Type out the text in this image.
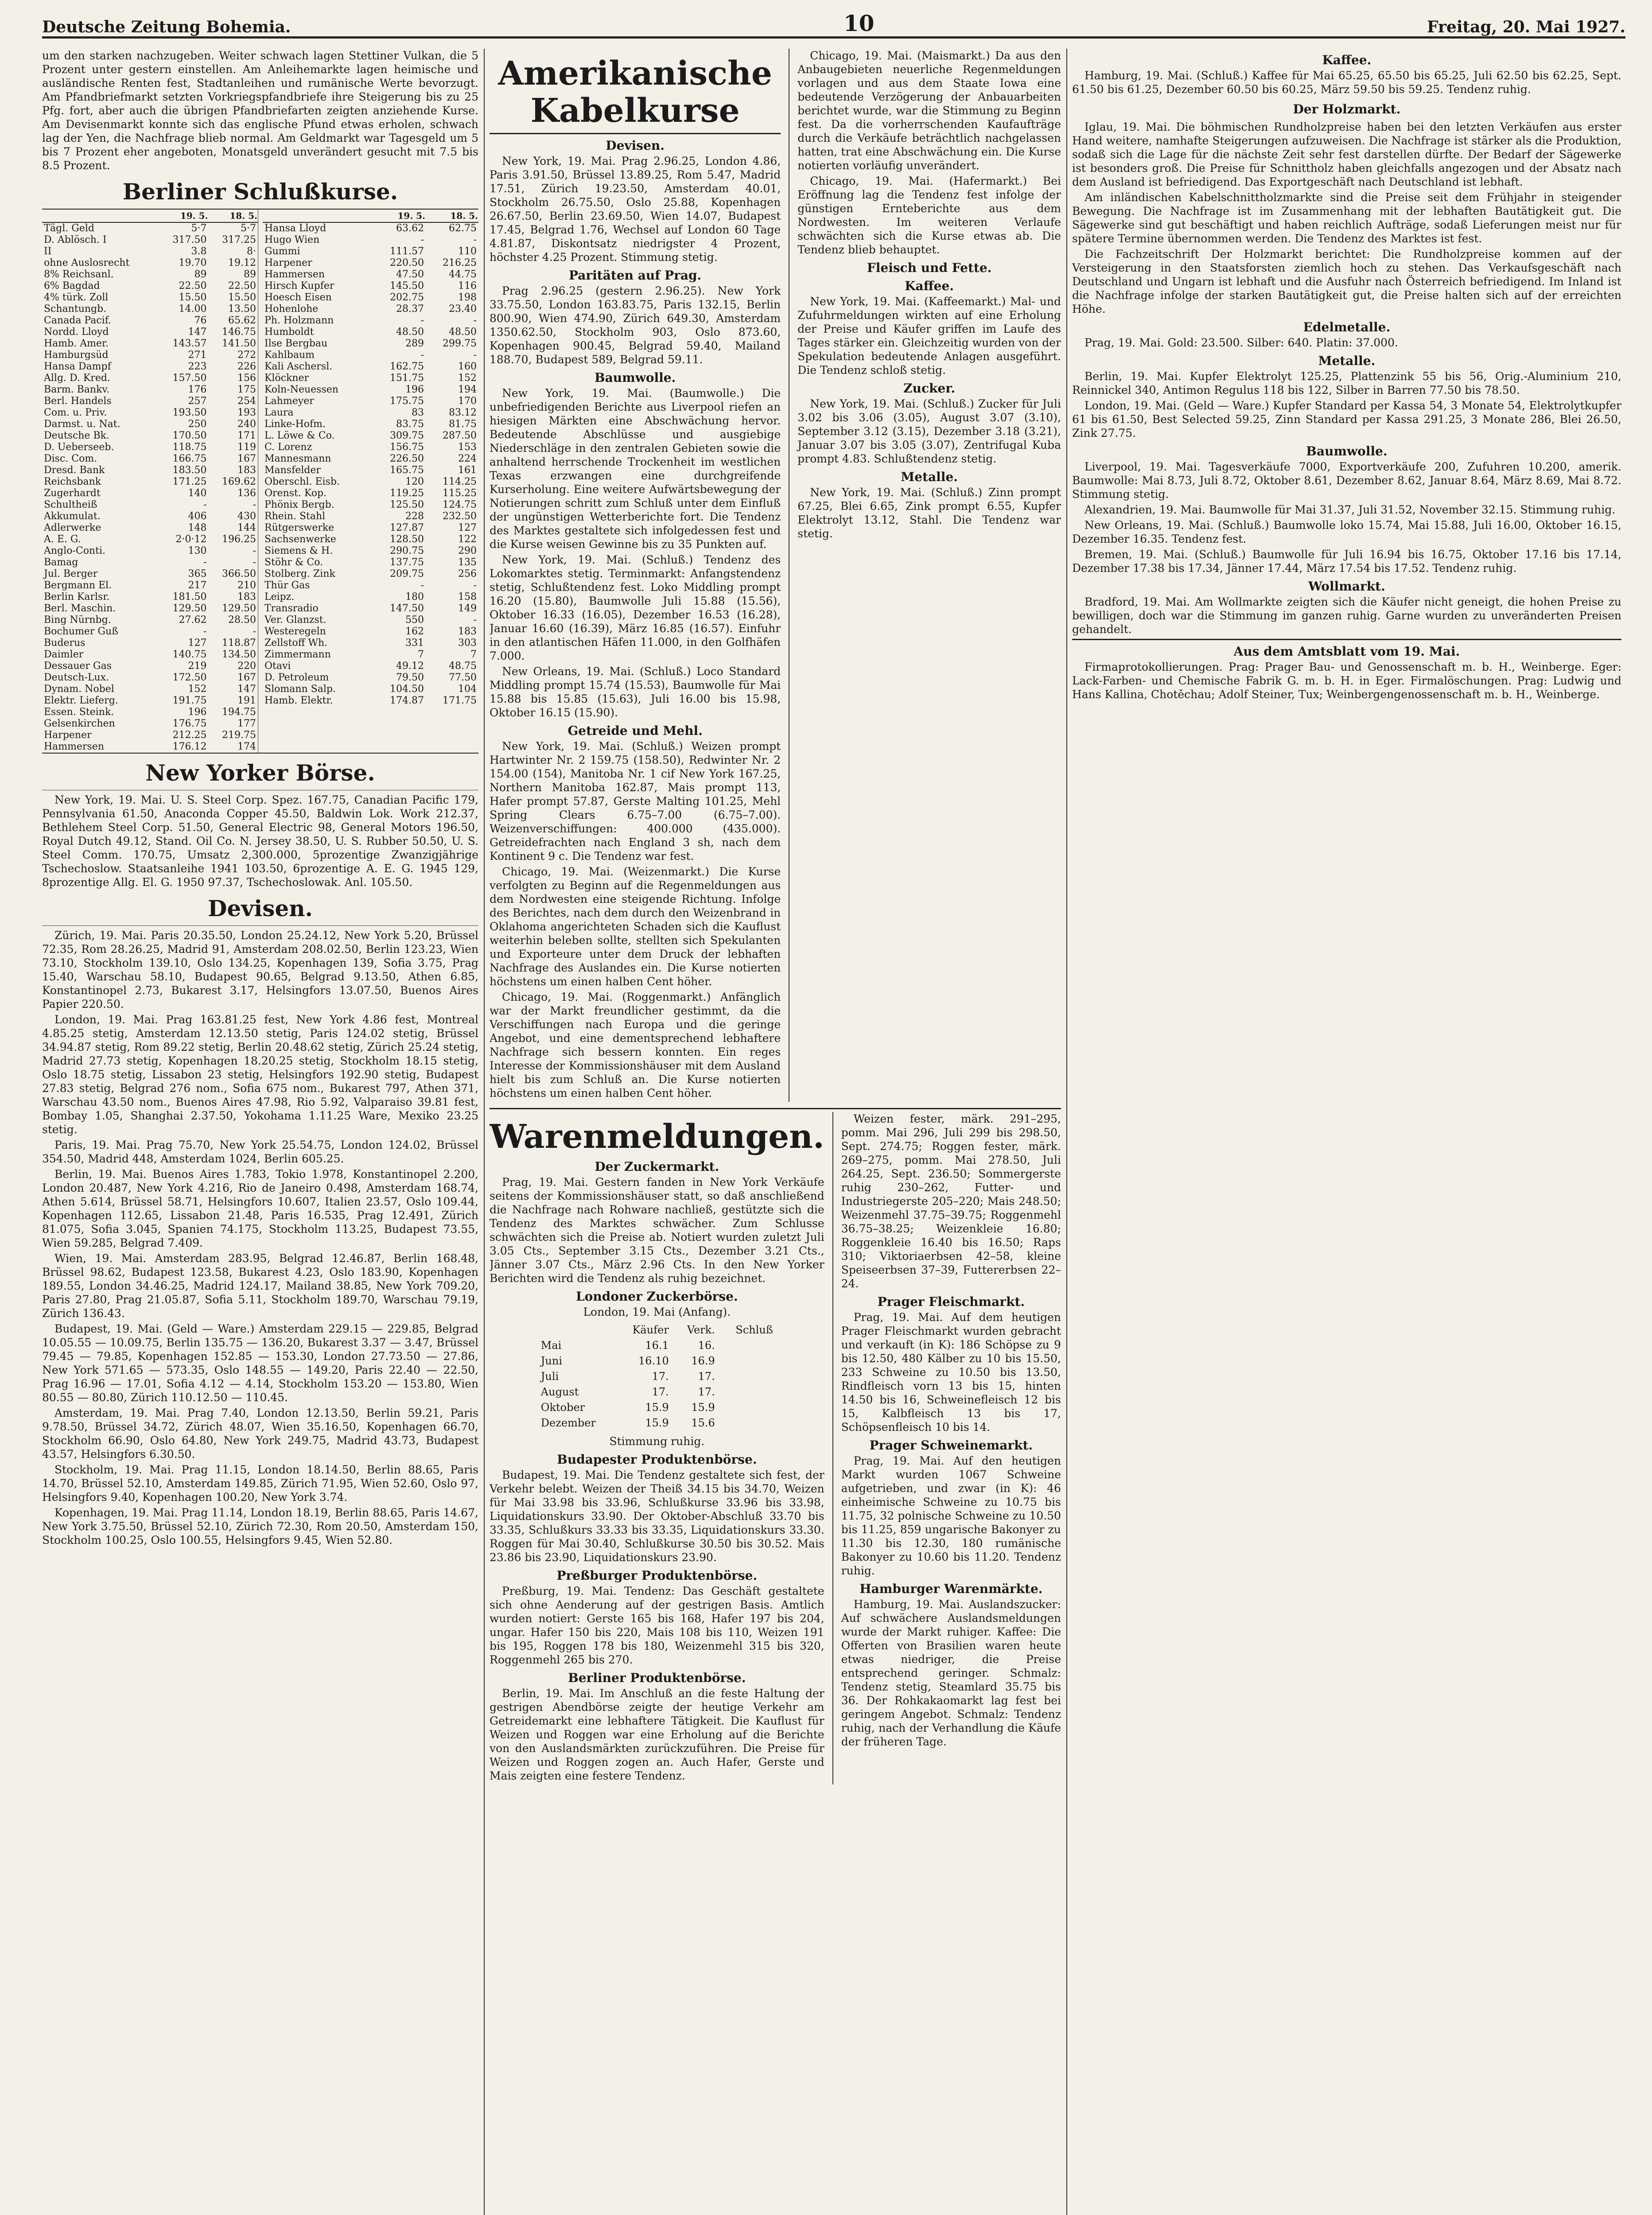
Deutsche Zeitung Bohemia.	10	Freitag, 20. Mai 1927.

um den starken nachzugeben. Weiter schwach lagen Stettiner Vulkan, die 5 Prozent unter gestern einstellen. Am Anleihemarkte lagen heimische und ausländische Renten fest, Stadtanleihen und rumänische Werte bevorzugt. Am Pfandbriefmarkt setzten Vorkriegspfandbriefe ihre Steigerung bis zu 25 Pfg. fort, aber auch die übrigen Pfandbriefarten zeigten anziehende Kurse. Am Devisenmarkt konnte sich das englische Pfund etwas erholen, schwach lag der Yen, die Nachfrage blieb normal. Am Geldmarkt war Tagesgeld um 5 bis 7 Prozent eher angeboten, Monatsgeld unverändert gesucht mit 7.5 bis 8.5 Prozent.

Berliner Schlußkurse.
	19. 5.	18. 5.
Tägl. Geld	5·7	5·7
D. Ablösch. I	317.50	317.25
II	3.8	8·
ohne Auslosrecht	19.70	19.12
8% Reichsanl.	89	89
6% Bagdad	22.50	22.50
4% türk. Zoll	15.50	15.50
Schantungb.	14.00	13.50
Canada Pacif.	76	65.62
Nordd. Lloyd	147	146.75
Hamb. Amer.	143.57	141.50
Hamburgsüd	271	272
Hansa Dampf	223	226
Allg. D. Kred.	157.50	156
Barm. Bankv.	176	175
Berl. Handels	257	254
Com. u. Priv.	193.50	193
Darmst. u. Nat.	250	240
Deutsche Bk.	170.50	171
D. Ueberseeb.	118.75	119
Disc. Com.	166.75	167
Dresd. Bank	183.50	183
Reichsbank	171.25	169.62
Zugerhardt	140	136
Schultheiß	-	-
Akkumulat.	406	430
Adlerwerke	148	144
A. E. G.	2·0·12	196.25
Anglo-Conti.	130	-
Bamag	-	-
Jul. Berger	365	366.50
Bergmann El.	217	210
Berlin Karlsr.	181.50	183
Berl. Maschin.	129.50	129.50
Bing Nürnbg.	27.62	28.50
Bochumer Guß	-	-
Buderus	127	118.87
Daimler	140.75	134.50
Dessauer Gas	219	220
Deutsch-Lux.	172.50	167
Dynam. Nobel	152	147
Elektr. Lieferg.	191.75	191
Essen. Steink.	196	194.75
Gelsenkirchen	176.75	177
Harpener	212.25	219.75
Hammersen	176.12	174
	19. 5.	18. 5.
Hansa Lloyd	63.62	62.75
Hugo Wien	-	-
Gummi	111.57	110
Harpener	220.50	216.25
Hammersen	47.50	44.75
Hirsch Kupfer	145.50	116
Hoesch Eisen	202.75	198
Hohenlohe	28.37	23.40
Ph. Holzmann	-	-
Humboldt	48.50	48.50
Ilse Bergbau	289	299.75
Kahlbaum	-	-
Kali Aschersl.	162.75	160
Klöckner	151.75	152
Koln-Neuessen	196	194
Lahmeyer	175.75	170
Laura	83	83.12
Linke-Hofm.	83.75	81.75
L. Löwe & Co.	309.75	287.50
C. Lorenz	156.75	153
Mannesmann	226.50	224
Mansfelder	165.75	161
Oberschl. Eisb.	120	114.25
Orenst. Kop.	119.25	115.25
Phönix Bergb.	125.50	124.75
Rhein. Stahl	228	232.50
Rütgerswerke	127.87	127
Sachsenwerke	128.50	122
Siemens & H.	290.75	290
Stöhr & Co.	137.75	135
Stolberg. Zink	209.75	256
Thür Gas	-	-
Leipz.	180	158
Transradio	147.50	149
Ver. Glanzst.	550	-
Westeregeln	162	183
Zellstoff Wh.	331	303
Zimmermann	7	7
Otavi	49.12	48.75
D. Petroleum	79.50	77.50
Slomann Salp.	104.50	104
Hamb. Elektr.	174.87	171.75
New Yorker Börse.

New York, 19. Mai. U. S. Steel Corp. Spez. 167.75, Canadian Pacific 179, Pennsylvania 61.50, Anaconda Copper 45.50, Baldwin Lok. Work 212.37, Bethlehem Steel Corp. 51.50, General Electric 98, General Motors 196.50, Royal Dutch 49.12, Stand. Oil Co. N. Jersey 38.50, U. S. Rubber 50.50, U. S. Steel Comm. 170.75, Umsatz 2,300.000, 5prozentige Zwanzigjährige Tschechoslow. Staatsanleihe 1941 103.50, 6prozentige A. E. G. 1945 129, 8prozentige Allg. El. G. 1950 97.37, Tschechoslowak. Anl. 105.50.

Devisen.

Zürich, 19. Mai. Paris 20.35.50, London 25.24.12, New York 5.20, Brüssel 72.35, Rom 28.26.25, Madrid 91, Amsterdam 208.02.50, Berlin 123.23, Wien 73.10, Stockholm 139.10, Oslo 134.25, Kopenhagen 139, Sofia 3.75, Prag 15.40, Warschau 58.10, Budapest 90.65, Belgrad 9.13.50, Athen 6.85, Konstantinopel 2.73, Bukarest 3.17, Helsingfors 13.07.50, Buenos Aires Papier 220.50.

London, 19. Mai. Prag 163.81.25 fest, New York 4.86 fest, Montreal 4.85.25 stetig, Amsterdam 12.13.50 stetig, Paris 124.02 stetig, Brüssel 34.94.87 stetig, Rom 89.22 stetig, Berlin 20.48.62 stetig, Zürich 25.24 stetig, Madrid 27.73 stetig, Kopenhagen 18.20.25 stetig, Stockholm 18.15 stetig, Oslo 18.75 stetig, Lissabon 23 stetig, Helsingfors 192.90 stetig, Budapest 27.83 stetig, Belgrad 276 nom., Sofia 675 nom., Bukarest 797, Athen 371, Warschau 43.50 nom., Buenos Aires 47.98, Rio 5.92, Valparaiso 39.81 fest, Bombay 1.05, Shanghai 2.37.50, Yokohama 1.11.25 Ware, Mexiko 23.25 stetig.

Paris, 19. Mai. Prag 75.70, New York 25.54.75, London 124.02, Brüssel 354.50, Madrid 448, Amsterdam 1024, Berlin 605.25.

Berlin, 19. Mai. Buenos Aires 1.783, Tokio 1.978, Konstantinopel 2.200, London 20.487, New York 4.216, Rio de Janeiro 0.498, Amsterdam 168.74, Athen 5.614, Brüssel 58.71, Helsingfors 10.607, Italien 23.57, Oslo 109.44, Kopenhagen 112.65, Lissabon 21.48, Paris 16.535, Prag 12.491, Zürich 81.075, Sofia 3.045, Spanien 74.175, Stockholm 113.25, Budapest 73.55, Wien 59.285, Belgrad 7.409.

Wien, 19. Mai. Amsterdam 283.95, Belgrad 12.46.87, Berlin 168.48, Brüssel 98.62, Budapest 123.58, Bukarest 4.23, Oslo 183.90, Kopenhagen 189.55, London 34.46.25, Madrid 124.17, Mailand 38.85, New York 709.20, Paris 27.80, Prag 21.05.87, Sofia 5.11, Stockholm 189.70, Warschau 79.19, Zürich 136.43.

Budapest, 19. Mai. (Geld — Ware.) Amsterdam 229.15 — 229.85, Belgrad 10.05.55 — 10.09.75, Berlin 135.75 — 136.20, Bukarest 3.37 — 3.47, Brüssel 79.45 — 79.85, Kopenhagen 152.85 — 153.30, London 27.73.50 — 27.86, New York 571.65 — 573.35, Oslo 148.55 — 149.20, Paris 22.40 — 22.50, Prag 16.96 — 17.01, Sofia 4.12 — 4.14, Stockholm 153.20 — 153.80, Wien 80.55 — 80.80, Zürich 110.12.50 — 110.45.

Amsterdam, 19. Mai. Prag 7.40, London 12.13.50, Berlin 59.21, Paris 9.78.50, Brüssel 34.72, Zürich 48.07, Wien 35.16.50, Kopenhagen 66.70, Stockholm 66.90, Oslo 64.80, New York 249.75, Madrid 43.73, Budapest 43.57, Helsingfors 6.30.50.

Stockholm, 19. Mai. Prag 11.15, London 18.14.50, Berlin 88.65, Paris 14.70, Brüssel 52.10, Amsterdam 149.85, Zürich 71.95, Wien 52.60, Oslo 97, Helsingfors 9.40, Kopenhagen 100.20, New York 3.74.

Kopenhagen, 19. Mai. Prag 11.14, London 18.19, Berlin 88.65, Paris 14.67, New York 3.75.50, Brüssel 52.10, Zürich 72.30, Rom 20.50, Amsterdam 150, Stockholm 100.25, Oslo 100.55, Helsingfors 9.45, Wien 52.80.

Amerikanische Kabelkurse
Devisen.

New York, 19. Mai. Prag 2.96.25, London 4.86, Paris 3.91.50, Brüssel 13.89.25, Rom 5.47, Madrid 17.51, Zürich 19.23.50, Amsterdam 40.01, Stockholm 26.75.50, Oslo 25.88, Kopenhagen 26.67.50, Berlin 23.69.50, Wien 14.07, Budapest 17.45, Belgrad 1.76, Wechsel auf London 60 Tage 4.81.87, Diskontsatz niedrigster 4 Prozent, höchster 4.25 Prozent. Stimmung stetig.

Paritäten auf Prag.

Prag 2.96.25 (gestern 2.96.25). New York 33.75.50, London 163.83.75, Paris 132.15, Berlin 800.90, Wien 474.90, Zürich 649.30, Amsterdam 1350.62.50, Stockholm 903, Oslo 873.60, Kopenhagen 900.45, Belgrad 59.40, Mailand 188.70, Budapest 589, Belgrad 59.11.

Baumwolle.

New York, 19. Mai. (Baumwolle.) Die unbefriedigenden Berichte aus Liverpool riefen an hiesigen Märkten eine Abschwächung hervor. Bedeutende Abschlüsse und ausgiebige Niederschläge in den zentralen Gebieten sowie die anhaltend herrschende Trockenheit im westlichen Texas erzwangen eine durchgreifende Kurserholung. Eine weitere Aufwärtsbewegung der Notierungen schritt zum Schluß unter dem Einfluß der ungünstigen Wetterberichte fort. Die Tendenz des Marktes gestaltete sich infolgedessen fest und die Kurse weisen Gewinne bis zu 35 Punkten auf.

New York, 19. Mai. (Schluß.) Tendenz des Lokomarktes stetig. Terminmarkt: Anfangstendenz stetig, Schlußtendenz fest. Loko Middling prompt 16.20 (15.80), Baumwolle Juli 15.88 (15.56), Oktober 16.33 (16.05), Dezember 16.53 (16.28), Januar 16.60 (16.39), März 16.85 (16.57). Einfuhr in den atlantischen Häfen 11.000, in den Golfhäfen 7.000.

New Orleans, 19. Mai. (Schluß.) Loco Standard Middling prompt 15.74 (15.53), Baumwolle für Mai 15.88 bis 15.85 (15.63), Juli 16.00 bis 15.98, Oktober 16.15 (15.90).

Getreide und Mehl.

New York, 19. Mai. (Schluß.) Weizen prompt Hartwinter Nr. 2 159.75 (158.50), Redwinter Nr. 2 154.00 (154), Manitoba Nr. 1 cif New York 167.25, Northern Manitoba 162.87, Mais prompt 113, Hafer prompt 57.87, Gerste Malting 101.25, Mehl Spring Clears 6.75–7.00 (6.75–7.00). Weizenverschiffungen: 400.000 (435.000). Getreidefrachten nach England 3 sh, nach dem Kontinent 9 c. Die Tendenz war fest.

Chicago, 19. Mai. (Weizenmarkt.) Die Kurse verfolgten zu Beginn auf die Regenmeldungen aus dem Nordwesten eine steigende Richtung. Infolge des Berichtes, nach dem durch den Weizenbrand in Oklahoma angerichteten Schaden sich die Kauflust weiterhin beleben sollte, stellten sich Spekulanten und Exporteure unter dem Druck der lebhaften Nachfrage des Auslandes ein. Die Kurse notierten höchstens um einen halben Cent höher.

Chicago, 19. Mai. (Roggenmarkt.) Anfänglich war der Markt freundlicher gestimmt, da die Verschiffungen nach Europa und die geringe Angebot, und eine dementsprechend lebhaftere Nachfrage sich bessern konnten. Ein reges Interesse der Kommissionshäuser mit dem Ausland hielt bis zum Schluß an. Die Kurse notierten höchstens um einen halben Cent höher.

Chicago, 19. Mai. (Maismarkt.) Da aus den Anbaugebieten neuerliche Regenmeldungen vorlagen und aus dem Staate Iowa eine bedeutende Verzögerung der Anbauarbeiten berichtet wurde, war die Stimmung zu Beginn fest. Da die vorherrschenden Kaufaufträge durch die Verkäufe beträchtlich nachgelassen hatten, trat eine Abschwächung ein. Die Kurse notierten vorläufig unverändert.

Chicago, 19. Mai. (Hafermarkt.) Bei Eröffnung lag die Tendenz fest infolge der günstigen Ernteberichte aus dem Nordwesten. Im weiteren Verlaufe schwächten sich die Kurse etwas ab. Die Tendenz blieb behauptet.

Fleisch und Fette.
Kaffee.

New York, 19. Mai. (Kaffeemarkt.) Mal- und Zufuhrmeldungen wirkten auf eine Erholung der Preise und Käufer griffen im Laufe des Tages stärker ein. Gleichzeitig wurden von der Spekulation bedeutende Anlagen ausgeführt. Die Tendenz schloß stetig.

Zucker.

New York, 19. Mai. (Schluß.) Zucker für Juli 3.02 bis 3.06 (3.05), August 3.07 (3.10), September 3.12 (3.15), Dezember 3.18 (3.21), Januar 3.07 bis 3.05 (3.07), Zentrifugal Kuba prompt 4.83. Schlußtendenz stetig.

Metalle.

New York, 19. Mai. (Schluß.) Zinn prompt 67.25, Blei 6.65, Zink prompt 6.55, Kupfer Elektrolyt 13.12, Stahl. Die Tendenz war stetig.

Warenmeldungen.
Der Zuckermarkt.

Prag, 19. Mai. Gestern fanden in New York Verkäufe seitens der Kommissionshäuser statt, so daß anschließend die Nachfrage nach Rohware nachließ, gestützte sich die Tendenz des Marktes schwächer. Zum Schlusse schwächten sich die Preise ab. Notiert wurden zuletzt Juli 3.05 Cts., September 3.15 Cts., Dezember 3.21 Cts., Jänner 3.07 Cts., März 2.96 Cts. In den New Yorker Berichten wird die Tendenz als ruhig bezeichnet.

Londoner Zuckerbörse.
London, 19. Mai (Anfang).
	Käufer	Verk.	Schluß
Mai	16.1	16.	
Juni	16.10	16.9	
Juli	17.	17.	
August	17.	17.	
Oktober	15.9	15.9	
Dezember	15.9	15.6	
Stimmung ruhig.
Budapester Produktenbörse.

Budapest, 19. Mai. Die Tendenz gestaltete sich fest, der Verkehr belebt. Weizen der Theiß 34.15 bis 34.70, Weizen für Mai 33.98 bis 33.96, Schlußkurse 33.96 bis 33.98, Liquidationskurs 33.90. Der Oktober-Abschluß 33.70 bis 33.35, Schlußkurs 33.33 bis 33.35, Liquidationskurs 33.30. Roggen für Mai 30.40, Schlußkurse 30.50 bis 30.52. Mais 23.86 bis 23.90, Liquidationskurs 23.90.

Preßburger Produktenbörse.

Preßburg, 19. Mai. Tendenz: Das Geschäft gestaltete sich ohne Aenderung auf der gestrigen Basis. Amtlich wurden notiert: Gerste 165 bis 168, Hafer 197 bis 204, ungar. Hafer 150 bis 220, Mais 108 bis 110, Weizen 191 bis 195, Roggen 178 bis 180, Weizenmehl 315 bis 320, Roggenmehl 265 bis 270.

Berliner Produktenbörse.

Berlin, 19. Mai. Im Anschluß an die feste Haltung der gestrigen Abendbörse zeigte der heutige Verkehr am Getreidemarkt eine lebhaftere Tätigkeit. Die Kauflust für Weizen und Roggen war eine Erholung auf die Berichte von den Auslandsmärkten zurückzuführen. Die Preise für Weizen und Roggen zogen an. Auch Hafer, Gerste und Mais zeigten eine festere Tendenz.

Weizen fester, märk. 291–295, pomm. Mai 296, Juli 299 bis 298.50, Sept. 274.75; Roggen fester, märk. 269–275, pomm. Mai 278.50, Juli 264.25, Sept. 236.50; Sommergerste ruhig 230–262, Futter- und Industriegerste 205–220; Mais 248.50; Weizenmehl 37.75–39.75; Roggenmehl 36.75–38.25; Weizenkleie 16.80; Roggenkleie 16.40 bis 16.50; Raps 310; Viktoriaerbsen 42–58, kleine Speiseerbsen 37–39, Futtererbsen 22–24.

Prager Fleischmarkt.

Prag, 19. Mai. Auf dem heutigen Prager Fleischmarkt wurden gebracht und verkauft (in K): 186 Schöpse zu 9 bis 12.50, 480 Kälber zu 10 bis 15.50, 233 Schweine zu 10.50 bis 13.50, Rindfleisch vorn 13 bis 15, hinten 14.50 bis 16, Schweinefleisch 12 bis 15, Kalbfleisch 13 bis 17, Schöpsenfleisch 10 bis 14.

Prager Schweinemarkt.

Prag, 19. Mai. Auf den heutigen Markt wurden 1067 Schweine aufgetrieben, und zwar (in K): 46 einheimische Schweine zu 10.75 bis 11.75, 32 polnische Schweine zu 10.50 bis 11.25, 859 ungarische Bakonyer zu 11.30 bis 12.30, 180 rumänische Bakonyer zu 10.60 bis 11.20. Tendenz ruhig.

Hamburger Warenmärkte.

Hamburg, 19. Mai. Auslandszucker: Auf schwächere Auslandsmeldungen wurde der Markt ruhiger. Kaffee: Die Offerten von Brasilien waren heute etwas niedriger, die Preise entsprechend geringer. Schmalz: Tendenz stetig, Steamlard 35.75 bis 36. Der Rohkakaomarkt lag fest bei geringem Angebot. Schmalz: Tendenz ruhig, nach der Verhandlung die Käufe der früheren Tage.

Kaffee.

Hamburg, 19. Mai. (Schluß.) Kaffee für Mai 65.25, 65.50 bis 65.25, Juli 62.50 bis 62.25, Sept. 61.50 bis 61.25, Dezember 60.50 bis 60.25, März 59.50 bis 59.25. Tendenz ruhig.

Der Holzmarkt.

Iglau, 19. Mai. Die böhmischen Rundholzpreise haben bei den letzten Verkäufen aus erster Hand weitere, namhafte Steigerungen aufzuweisen. Die Nachfrage ist stärker als die Produktion, sodaß sich die Lage für die nächste Zeit sehr fest darstellen dürfte. Der Bedarf der Sägewerke ist besonders groß. Die Preise für Schnittholz haben gleichfalls angezogen und der Absatz nach dem Ausland ist befriedigend. Das Exportgeschäft nach Deutschland ist lebhaft.

Am inländischen Kabelschnittholzmarkte sind die Preise seit dem Frühjahr in steigender Bewegung. Die Nachfrage ist im Zusammenhang mit der lebhaften Bautätigkeit gut. Die Sägewerke sind gut beschäftigt und haben reichlich Aufträge, sodaß Lieferungen meist nur für spätere Termine übernommen werden. Die Tendenz des Marktes ist fest.

Die Fachzeitschrift Der Holzmarkt berichtet: Die Rundholzpreise kommen auf der Versteigerung in den Staatsforsten ziemlich hoch zu stehen. Das Verkaufsgeschäft nach Deutschland und Ungarn ist lebhaft und die Ausfuhr nach Österreich befriedigend. Im Inland ist die Nachfrage infolge der starken Bautätigkeit gut, die Preise halten sich auf der erreichten Höhe.

Edelmetalle.

Prag, 19. Mai. Gold: 23.500. Silber: 640. Platin: 37.000.

Metalle.

Berlin, 19. Mai. Kupfer Elektrolyt 125.25, Plattenzink 55 bis 56, Orig.-Aluminium 210, Reinnickel 340, Antimon Regulus 118 bis 122, Silber in Barren 77.50 bis 78.50.

London, 19. Mai. (Geld — Ware.) Kupfer Standard per Kassa 54, 3 Monate 54, Elektrolytkupfer 61 bis 61.50, Best Selected 59.25, Zinn Standard per Kassa 291.25, 3 Monate 286, Blei 26.50, Zink 27.75.

Baumwolle.

Liverpool, 19. Mai. Tagesverkäufe 7000, Exportverkäufe 200, Zufuhren 10.200, amerik. Baumwolle: Mai 8.73, Juli 8.72, Oktober 8.61, Dezember 8.62, Januar 8.64, März 8.69, Mai 8.72. Stimmung stetig.

Alexandrien, 19. Mai. Baumwolle für Mai 31.37, Juli 31.52, November 32.15. Stimmung ruhig.

New Orleans, 19. Mai. (Schluß.) Baumwolle loko 15.74, Mai 15.88, Juli 16.00, Oktober 16.15, Dezember 16.35. Tendenz fest.

Bremen, 19. Mai. (Schluß.) Baumwolle für Juli 16.94 bis 16.75, Oktober 17.16 bis 17.14, Dezember 17.38 bis 17.34, Jänner 17.44, März 17.54 bis 17.52. Tendenz ruhig.

Wollmarkt.

Bradford, 19. Mai. Am Wollmarkte zeigten sich die Käufer nicht geneigt, die hohen Preise zu bewilligen, doch war die Stimmung im ganzen ruhig. Garne wurden zu unveränderten Preisen gehandelt.

Aus dem Amtsblatt vom 19. Mai.

Firmaprotokollierungen. Prag: Prager Bau- und Genossenschaft m. b. H., Weinberge. Eger: Lack-Farben- und Chemische Fabrik G. m. b. H. in Eger. Firmalöschungen. Prag: Ludwig und Hans Kallina, Chotěchau; Adolf Steiner, Tux; Weinbergengenossenschaft m. b. H., Weinberge.
